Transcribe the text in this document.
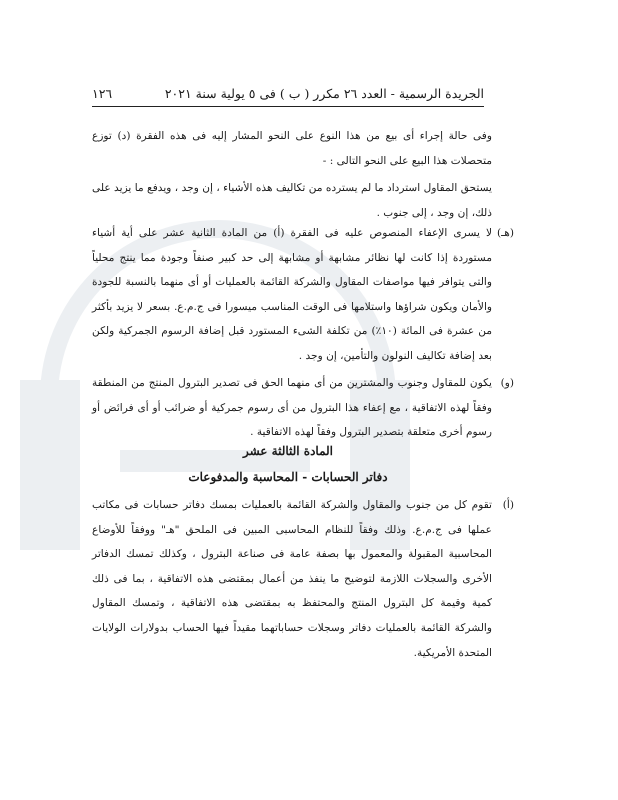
الجريدة الرسمية - العدد ٢٦ مكرر ( ب ) فى ٥ يولية سنة ٢٠٢١
١٢٦
وفى حالة إجراء أى بيع من هذا النوع على النحو المشار إليه فى هذه الفقرة (د) توزع متحصلات هذا البيع على النحو التالى : -
يستحق المقاول استرداد ما لم يسترده من تكاليف هذه الأشياء ، إن وجد ، ويدفع ما يزيد على ذلك، إن وجد ، إلى جنوب .
(هـ)
لا يسرى الإعفاء المنصوص عليه فى الفقرة (أ) من المادة الثانية عشر على أية أشياء مستوردة إذا كانت لها نظائر مشابهة أو مشابهة إلى حد كبير صنفاً وجودة مما ينتج محلياً والتى يتوافر فيها مواصفات المقاول والشركة القائمة بالعمليات أو أى منهما بالنسبة للجودة والأمان ويكون شراؤها واستلامها فى الوقت المناسب ميسورا فى ج.م.ع. بسعر لا يزيد بأكثر من عشرة فى المائة (١٠٪) من تكلفة الشىء المستورد قبل إضافة الرسوم الجمركية ولكن بعد إضافة تكاليف النولون والتأمين، إن وجد .
(و)
يكون للمقاول وجنوب والمشترين من أى منهما الحق فى تصدير البترول المنتج من المنطقة وفقاً لهذه الاتفاقية ، مع إعفاء هذا البترول من أى رسوم جمركية أو ضرائب أو أى فرائض أو رسوم أخرى متعلقة بتصدير البترول وفقاً لهذه الاتفاقية .
المادة الثالثة عشر
دفاتر الحسابات - المحاسبة والمدفوعات
(أ)
تقوم كل من جنوب والمقاول والشركة القائمة بالعمليات بمسك دفاتر حسابات فى مكاتب عملها فى ج.م.ع. وذلك وفقاً للنظام المحاسبى المبين فى الملحق "هـ" ووفقاً للأوضاع المحاسبية المقبولة والمعمول بها بصفة عامة فى صناعة البترول ، وكذلك تمسك الدفاتر الأخرى والسجلات اللازمة لتوضيح ما ينفذ من أعمال بمقتضى هذه الاتفاقية ، بما فى ذلك كمية وقيمة كل البترول المنتج والمحتفظ به بمقتضى هذه الاتفاقية ، وتمسك المقاول والشركة القائمة بالعمليات دفاتر وسجلات حساباتهما مقيداً فيها الحساب بدولارات الولايات المتحدة الأمريكية.
